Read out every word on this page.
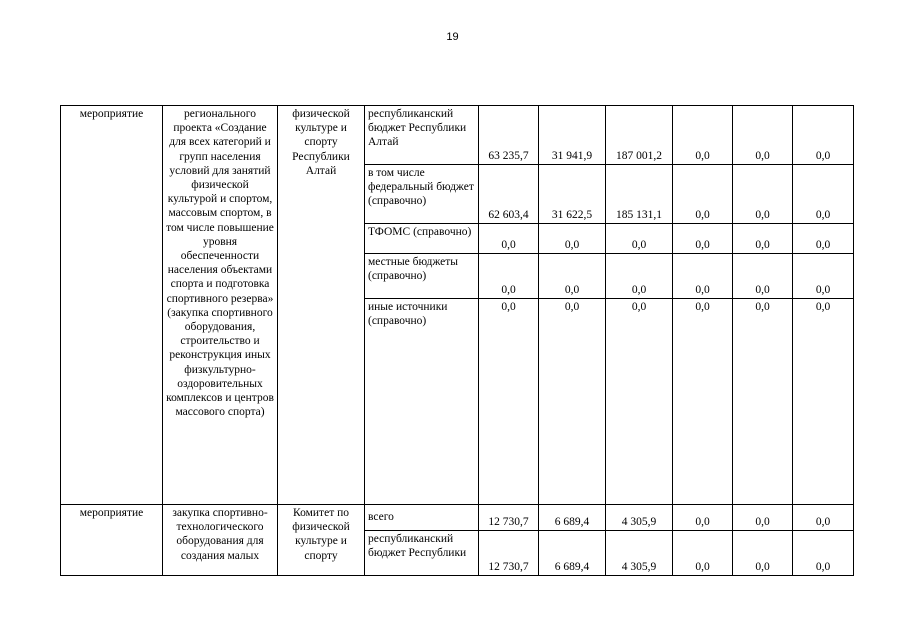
19
мероприятие	регионального проекта «Создание для всех категорий и групп населения условий для занятий физической культурой и спортом, массовым спортом, в том числе повышение уровня обеспеченности населения объектами спорта и подготовка спортивного резерва» (закупка спортивного оборудования, строительство и реконструкция иных физкультурно-оздоровительных комплексов и центров массового спорта)	физической культуре и спорту Республики Алтай	республиканский бюджет Республики Алтай	63 235,7	31 941,9	187 001,2	0,0	0,0	0,0
			в том числе федеральный бюджет (справочно)	62 603,4	31 622,5	185 131,1	0,0	0,0	0,0
			ТФОМС (справочно)	0,0	0,0	0,0	0,0	0,0	0,0
			местные бюджеты (справочно)	0,0	0,0	0,0	0,0	0,0	0,0
			иные источники (справочно)	0,0	0,0	0,0	0,0	0,0	0,0
мероприятие	закупка спортивно-технологического оборудования для создания малых	Комитет по физической культуре и спорту	всего	12 730,7	6 689,4	4 305,9	0,0	0,0	0,0
			республиканский бюджет Республики	12 730,7	6 689,4	4 305,9	0,0	0,0	0,0
